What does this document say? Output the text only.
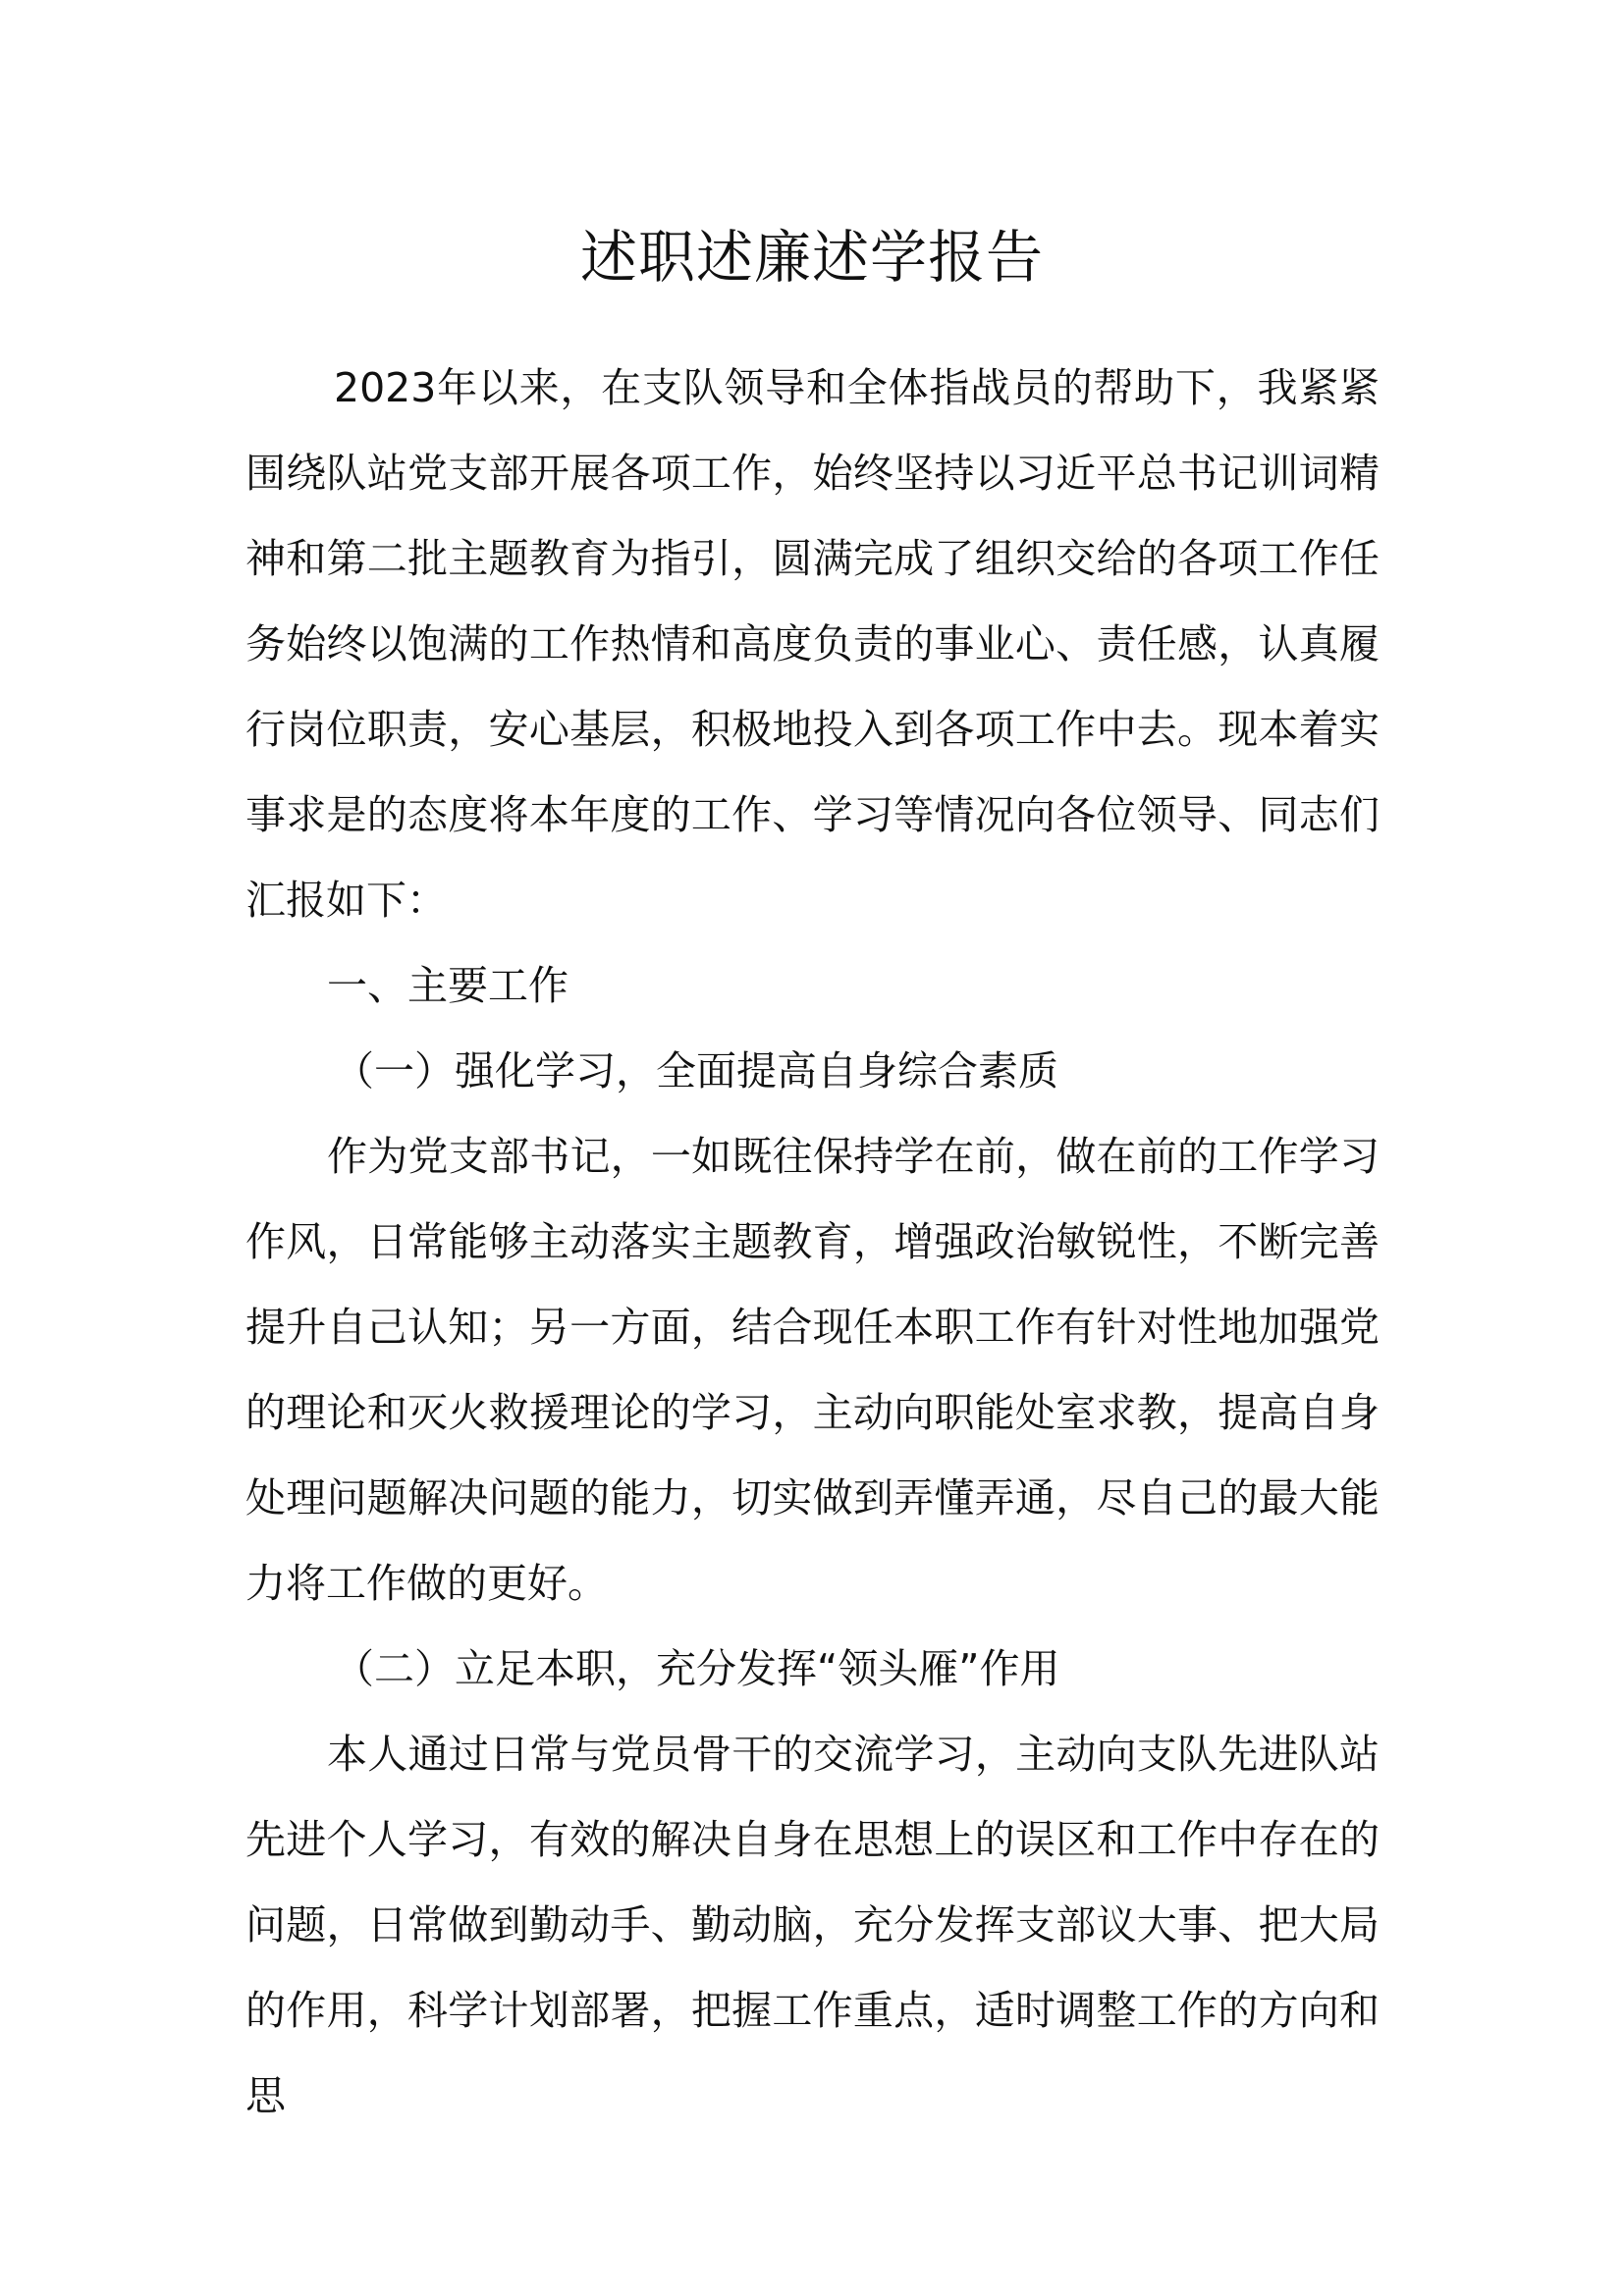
述职述廉述学报告

2023年以来，在支队领导和全体指战员的帮助下，我紧紧围绕队站党支部开展各项工作，始终坚持以习近平总书记训词精神和第二批主题教育为指引，圆满完成了组织交给的各项工作任务始终以饱满的工作热情和高度负责的事业心、责任感，认真履行岗位职责，安心基层，积极地投入到各项工作中去。现本着实事求是的态度将本年度的工作、学习等情况向各位领导、同志们汇报如下：

一、主要工作

（一）强化学习，全面提高自身综合素质

作为党支部书记，一如既往保持学在前，做在前的工作学习作风，日常能够主动落实主题教育，增强政治敏锐性，不断完善提升自己认知；另一方面，结合现任本职工作有针对性地加强党的理论和灭火救援理论的学习，主动向职能处室求教，提高自身处理问题解决问题的能力，切实做到弄懂弄通，尽自己的最大能力将工作做的更好。

（二）立足本职，充分发挥“领头雁”作用

本人通过日常与党员骨干的交流学习，主动向支队先进队站先进个人学习，有效的解决自身在思想上的误区和工作中存在的问题，日常做到勤动手、勤动脑，充分发挥支部议大事、把大局的作用，科学计划部署，把握工作重点，适时调整工作的方向和思
